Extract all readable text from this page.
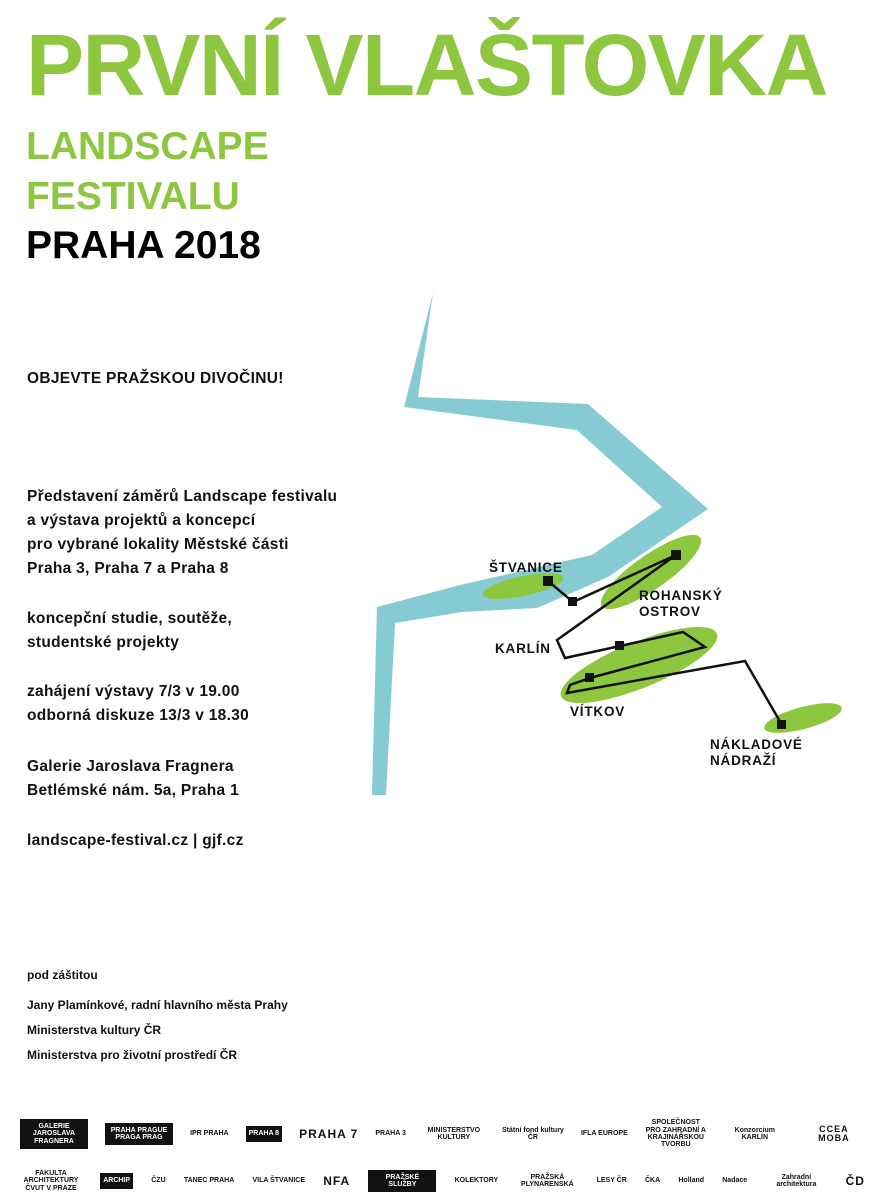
PRVNÍ VLAŠTOVKA
LANDSCAPE
FESTIVALU
PRAHA 2018
OBJEVTE PRAŽSKOU DIVOČINU!
Představení záměrů Landscape festivalu
a výstava projektů a koncepcí
pro vybrané lokality Městské části
Praha 3, Praha 7 a Praha 8
koncepční studie, soutěže,
studentské projekty
zahájení výstavy 7/3 v 19.00
odborná diskuze 13/3 v 18.30
Galerie Jaroslava Fragnera
Betlémské nám. 5a, Praha 1
landscape-festival.cz | gjf.cz
pod záštitou
Jany Plamínkové, radní hlavního města Prahy
Ministerstva kultury ČR
Ministerstva pro životní prostředí ČR
ŠTVANICE
ROHANSKÝ
OSTROV
KARLÍN
VÍTKOV
NÁKLADOVÉ
NÁDRAŽÍ
GALERIE JAROSLAVA FRAGNERA
PRAHA PRAGUE PRAGA PRAG
IPR PRAHA	PRAHA 8 PRAHA 7 PRAHA 3
MINISTERSTVO KULTURY
Státní fond kultury ČR
IFLA EUROPE
SPOLEČNOST PRO ZAHRADNÍ A KRAJINÁŘSKOU TVORBU
Konzorcium KARLÍN
CCEA MOBA
FAKULTA ARCHITEKTURY ČVUT V PRAZE
ARCHIP	ČZU	TANEC PRAHA	VILA ŠTVANICE NFA	PRAŽSKÉ SLUŽBY
KOLEKTORY
PRAŽSKÁ PLYNÁRENSKÁ
LESY ČR	ČKA	Holland	Nadace
Zahradní architektura	ČD
